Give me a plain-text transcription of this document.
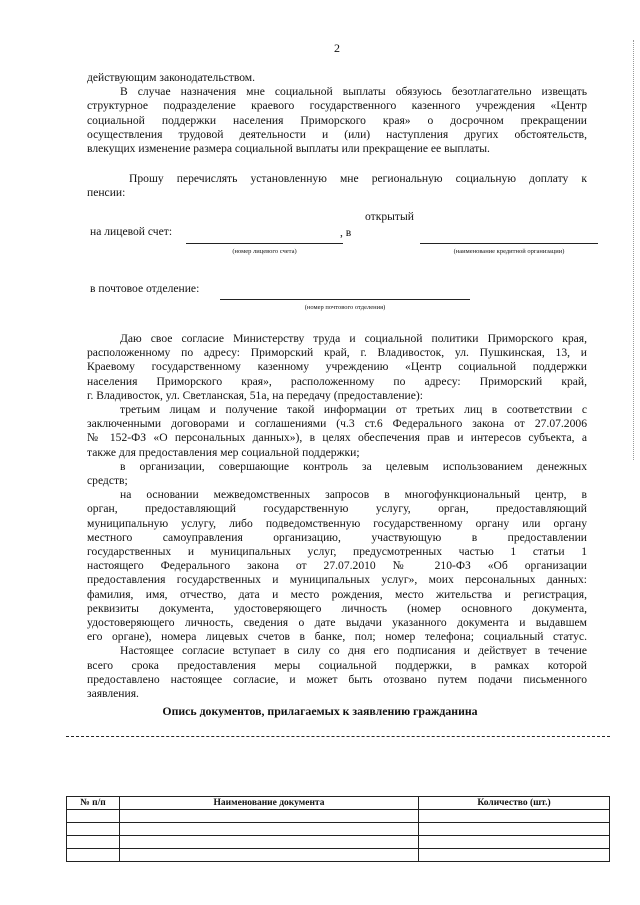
2
действующим законодательством.
В случае назначения мне социальной выплаты обязуюсь безотлагательно извещать
структурное подразделение краевого государственного казенного учреждения «Центр
социальной поддержки населения Приморского края» о досрочном прекращении
осуществления трудовой деятельности и (или) наступления других обстоятельств,
влекущих изменение размера социальной выплаты или прекращение ее выплаты.
Прошу перечислять установленную мне региональную социальную доплату к
пенсии:
открытый
на лицевой счет:	, в
(номер лицевого счета)	(наименование кредитной организации)
в почтовое отделение:
(номер почтового отделения)
Даю свое согласие Министерству труда и социальной политики Приморского края,
расположенному по адресу: Приморский край, г. Владивосток, ул. Пушкинская, 13, и
Краевому государственному казенному учреждению «Центр социальной поддержки
населения Приморского края», расположенному по адресу: Приморский край,
г. Владивосток, ул. Светланская, 51а, на передачу (предоставление):
третьим лицам и получение такой информации от третьих лиц в соответствии с
заключенными договорами и соглашениями (ч.3 ст.6 Федерального закона от 27.07.2006
№ 152-ФЗ «О персональных данных»), в целях обеспечения прав и интересов субъекта, а
также для предоставления мер социальной поддержки;
в организации, совершающие контроль за целевым использованием денежных
средств;
на основании межведомственных запросов в многофункциональный центр, в
орган, предоставляющий государственную услугу, орган, предоставляющий
муниципальную услугу, либо подведомственную государственному органу или органу
местного самоуправления организацию, участвующую в предоставлении
государственных и муниципальных услуг, предусмотренных частью 1 статьи 1
настоящего Федерального закона от 27.07.2010 № 210-ФЗ «Об организации
предоставления государственных и муниципальных услуг», моих персональных данных:
фамилия, имя, отчество, дата и место рождения, место жительства и регистрация,
реквизиты документа, удостоверяющего личность (номер основного документа,
удостоверяющего личность, сведения о дате выдачи указанного документа и выдавшем
его органе), номера лицевых счетов в банке, пол; номер телефона; социальный статус.
Настоящее согласие вступает в силу со дня его подписания и действует в течение
всего срока предоставления меры социальной поддержки, в рамках которой
предоставлено настоящее согласие, и может быть отозвано путем подачи письменного
заявления.
Опись документов, прилагаемых к заявлению гражданина
№ п/п	Наименование документа	Количество (шт.)
